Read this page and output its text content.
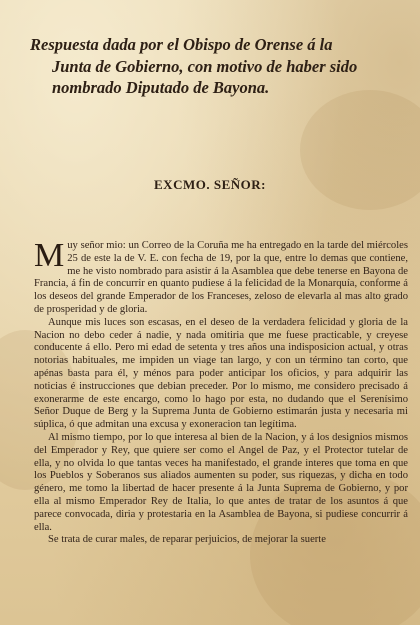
Respuesta dada por el Obispo de Orense á la
Junta de Gobierno, con motivo de haber sido
nombrado Diputado de Bayona.
EXCMO. SEÑOR:

Muy señor mio: un Correo de la Coruña me ha entregado en la tarde del miércoles 25 de este la de V. E. con fecha de 19, por la que, entre lo demas que contiene, me he visto nombrado para asistir á la Asamblea que debe tenerse en Bayona de Francia, á fin de concurrir en quanto pudiese á la felicidad de la Monarquía, conforme á los deseos del grande Emperador de los Franceses, zeloso de elevarla al mas alto grado de prosperidad y de gloria.

Aunque mis luces son escasas, en el deseo de la verdadera felicidad y gloria de la Nacion no debo ceder á nadie, y nada omitiria que me fuese practicable, y creyese conducente á ello. Pero mi edad de setenta y tres años una indisposicion actual, y otras notorias habituales, me impiden un viage tan largo, y con un término tan corto, que apénas basta para él, y ménos para poder anticipar los oficios, y para adquirir las noticias é instrucciones que debian preceder. Por lo mismo, me considero precisado á exonerarme de este encargo, como lo hago por esta, no dudando que el Serenísimo Señor Duque de Berg y la Suprema Junta de Gobierno estimarán justa y necesaria mi súplica, ó que admitan una excusa y exoneracion tan legítima.

Al mismo tiempo, por lo que interesa al bien de la Nacion, y á los designios mismos del Emperador y Rey, que quiere ser como el Angel de Paz, y el Protector tutelar de ella, y no olvida lo que tantas veces ha manifestado, el grande interes que toma en que los Pueblos y Soberanos sus aliados aumenten su poder, sus riquezas, y dicha en todo género, me tomo la libertad de hacer presente á la Junta Suprema de Gobierno, y por ella al mismo Emperador Rey de Italia, lo que antes de tratar de los asuntos á que parece convocada, diria y protestaria en la Asamblea de Bayona, si pudiese concurrir á ella.

Se trata de curar males, de reparar perjuicios, de mejorar la suerte
